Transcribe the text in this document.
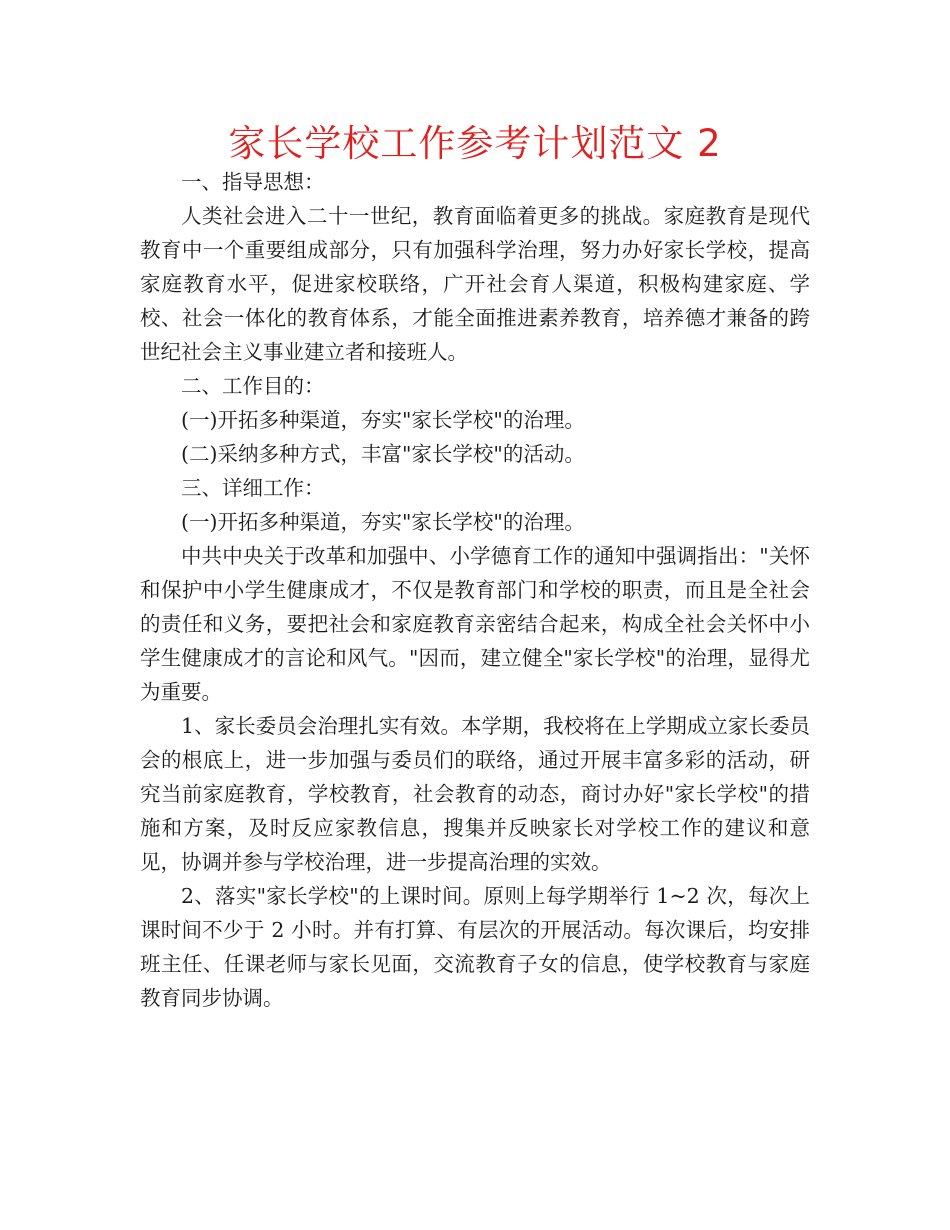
家长学校工作参考计划范文 2

一、指导思想：

人类社会进入二十一世纪，教育面临着更多的挑战。家庭教育是现代教育中一个重要组成部分，只有加强科学治理，努力办好家长学校，提高家庭教育水平，促进家校联络，广开社会育人渠道，积极构建家庭、学校、社会一体化的教育体系，才能全面推进素养教育，培养德才兼备的跨世纪社会主义事业建立者和接班人。

二、工作目的：

(一)开拓多种渠道，夯实"家长学校"的治理。

(二)采纳多种方式，丰富"家长学校"的活动。

三、详细工作：

(一)开拓多种渠道，夯实"家长学校"的治理。

中共中央关于改革和加强中、小学德育工作的通知中强调指出："关怀和保护中小学生健康成才，不仅是教育部门和学校的职责，而且是全社会的责任和义务，要把社会和家庭教育亲密结合起来，构成全社会关怀中小学生健康成才的言论和风气。"因而，建立健全"家长学校"的治理，显得尤为重要。

1、家长委员会治理扎实有效。本学期，我校将在上学期成立家长委员会的根底上，进一步加强与委员们的联络，通过开展丰富多彩的活动，研究当前家庭教育，学校教育，社会教育的动态，商讨办好"家长学校"的措施和方案，及时反应家教信息，搜集并反映家长对学校工作的建议和意见，协调并参与学校治理，进一步提高治理的实效。

2、落实"家长学校"的上课时间。原则上每学期举行 1~2 次，每次上课时间不少于 2 小时。并有打算、有层次的开展活动。每次课后，均安排班主任、任课老师与家长见面，交流教育子女的信息，使学校教育与家庭教育同步协调。
